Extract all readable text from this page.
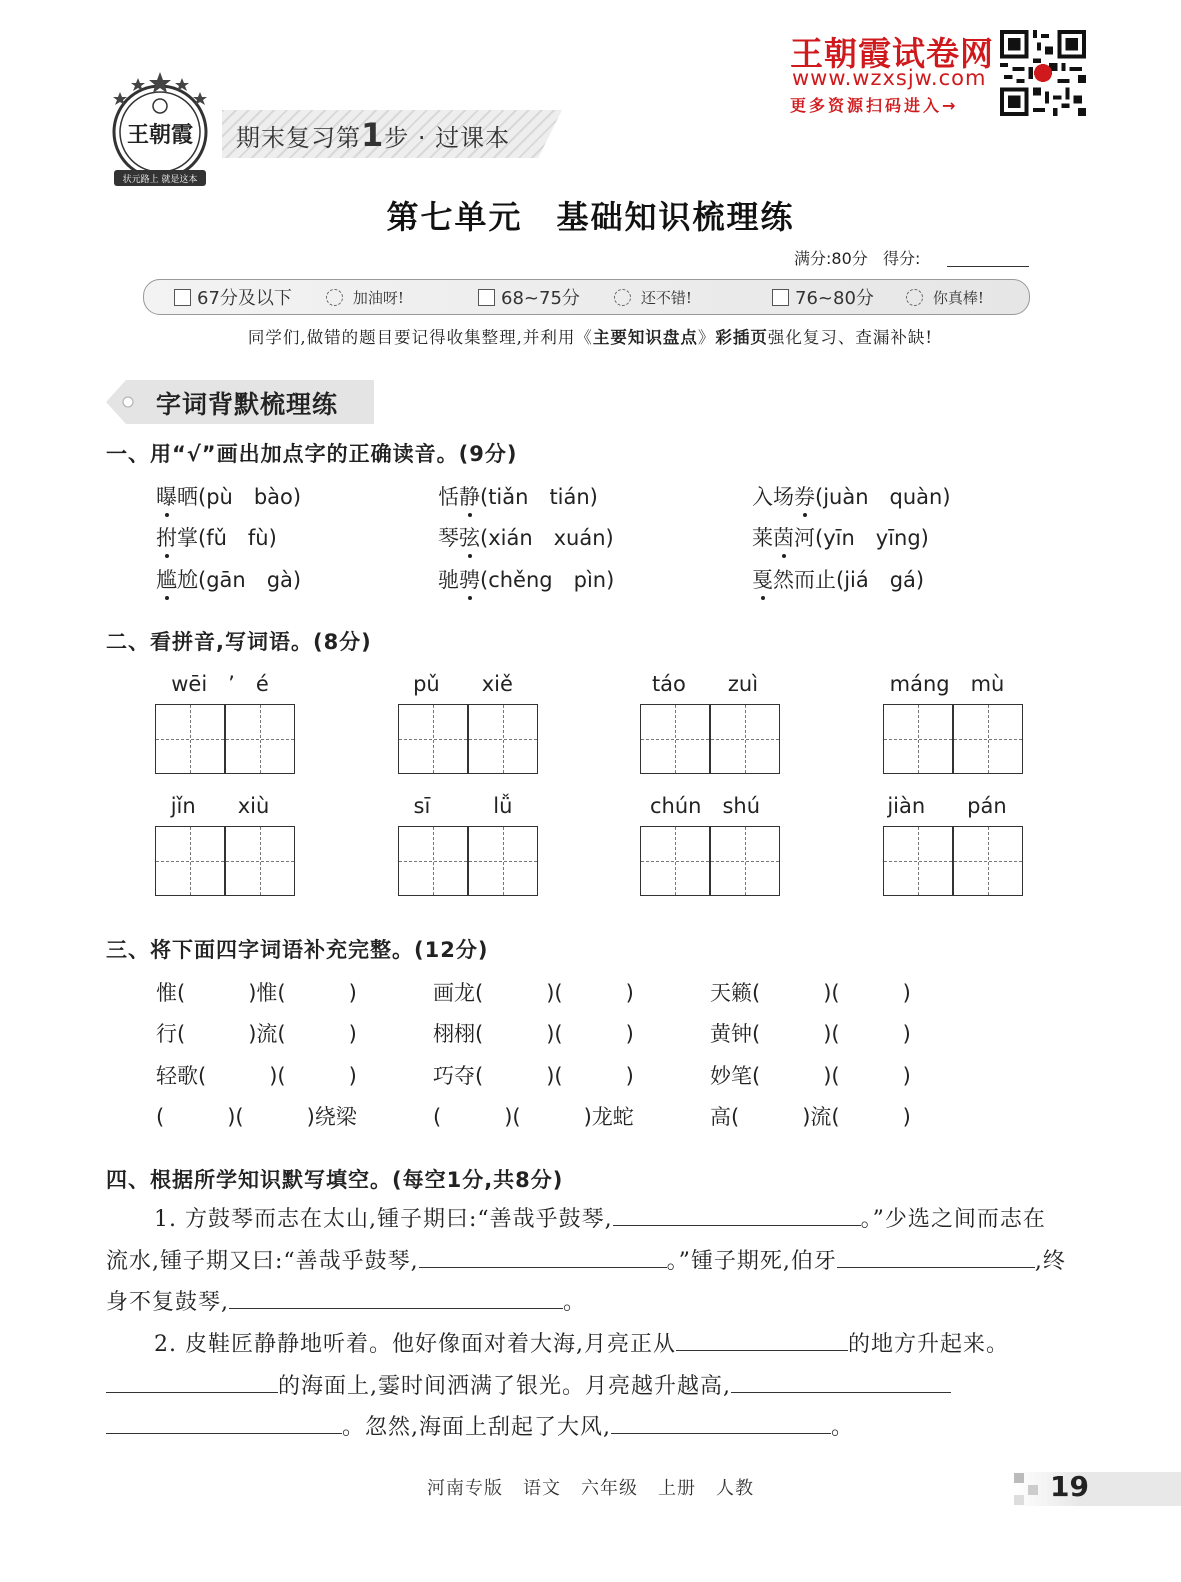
王朝霞
状元路上 就是这本
期末复习第1步 · 过课本
王朝霞试卷网
www.wzxsjw.com
更多资源扫码进入→
第七单元　基础知识梳理练
满分:80分 得分:
67分及以下	加油呀!	68~75分	还不错!	76~80分	你真棒!
同学们,做错的题目要记得收集整理,并利用《主要知识盘点》彩插页强化复习、查漏补缺!
字词背默梳理练
一、用“√”画出加点字的正确读音。(9分)
曝晒(pù　bào)	恬静(tiǎn　tián)	入场券(juàn　quàn)
拊掌(fǔ　fù)	琴弦(xián　xuán)	莱茵河(yīn　yīng)
尴尬(gān　gà)	驰骋(chěng　pìn)	戛然而止(jiá　gá)
二、看拼音,写词语。(8分)
wēi　’　é	pǔ　　xiě	táo　　zuì	máng　mù
jǐn　　xiù	sī　　　lǚ	chún　shú	jiàn　　pán
三、将下面四字词语补充完整。(12分)
惟(　　　)惟(　　　)	画龙(　　　)(　　　)	天籁(　　　)(　　　)
行(　　　)流(　　　)	栩栩(　　　)(　　　)	黄钟(　　　)(　　　)
轻歌(　　　)(　　　)	巧夺(　　　)(　　　)	妙笔(　　　)(　　　)
(　　　)(　　　)绕梁	(　　　)(　　　)龙蛇	高(　　　)流(　　　)
四、根据所学知识默写填空。(每空1分,共8分)
1. 方鼓琴而志在太山,锺子期曰:“善哉乎鼓琴,	。”少选之间而志在流水,锺子期又曰:“善哉乎鼓琴,	。”锺子期死,伯牙	,终身不复鼓琴,	。
2. 皮鞋匠静静地听着。他好像面对着大海,月亮正从	的地方升起来。的海面上,霎时间洒满了银光。月亮越升越高,。忽然,海面上刮起了大风,	。
河南专版 语文 六年级 上册 人教	19
